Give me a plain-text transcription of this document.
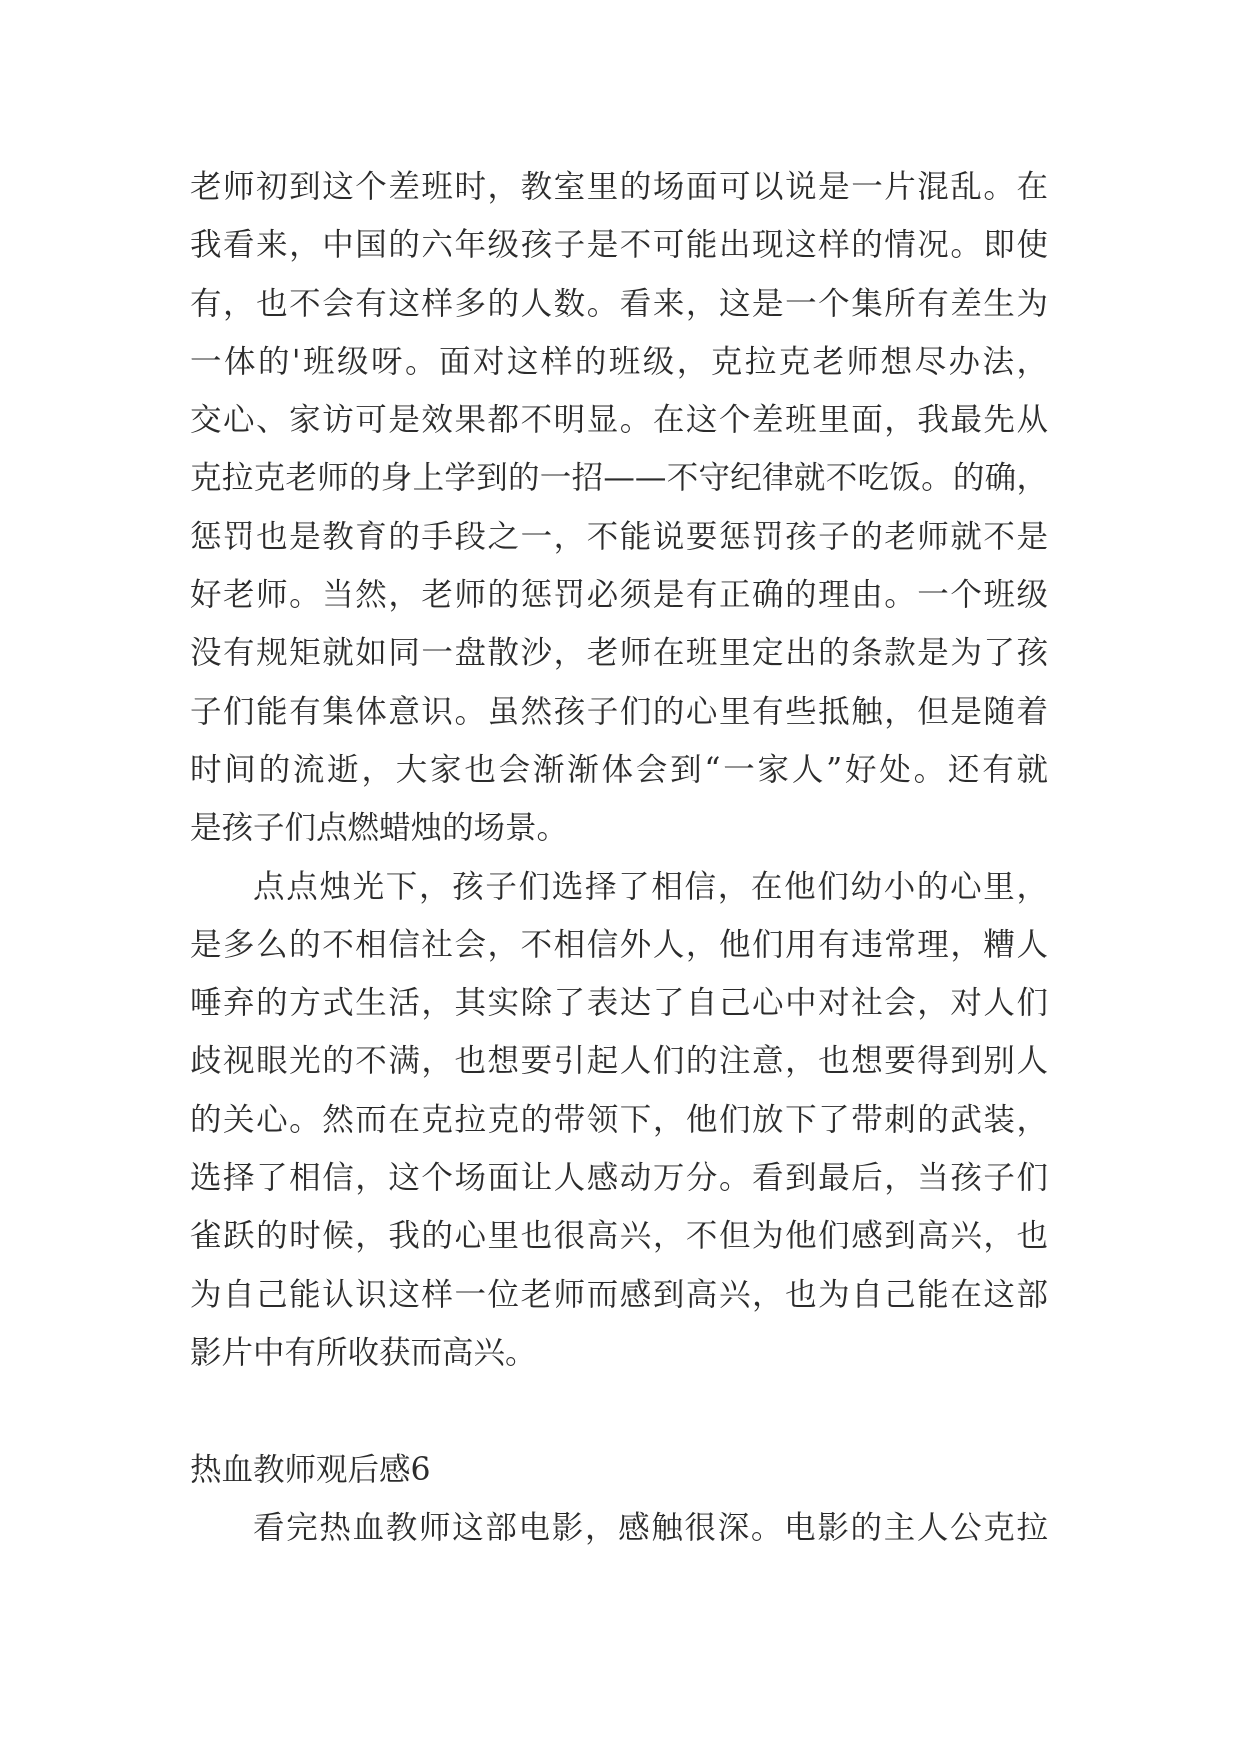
老师初到这个差班时，教室里的场面可以说是一片混乱。在
我看来，中国的六年级孩子是不可能出现这样的情况。即使
有，也不会有这样多的人数。看来，这是一个集所有差生为
一体的'班级呀。面对这样的班级，克拉克老师想尽办法，
交心、家访可是效果都不明显。在这个差班里面，我最先从
克拉克老师的身上学到的一招——不守纪律就不吃饭。的确，
惩罚也是教育的手段之一，不能说要惩罚孩子的老师就不是
好老师。当然，老师的惩罚必须是有正确的理由。一个班级
没有规矩就如同一盘散沙，老师在班里定出的条款是为了孩
子们能有集体意识。虽然孩子们的心里有些抵触，但是随着
时间的流逝，大家也会渐渐体会到“一家人”好处。还有就
是孩子们点燃蜡烛的场景。
点点烛光下，孩子们选择了相信，在他们幼小的心里，
是多么的不相信社会，不相信外人，他们用有违常理，糟人
唾弃的方式生活，其实除了表达了自己心中对社会，对人们
歧视眼光的不满，也想要引起人们的注意，也想要得到别人
的关心。然而在克拉克的带领下，他们放下了带刺的武装，
选择了相信，这个场面让人感动万分。看到最后，当孩子们
雀跃的时候，我的心里也很高兴，不但为他们感到高兴，也
为自己能认识这样一位老师而感到高兴，也为自己能在这部
影片中有所收获而高兴。
热血教师观后感6
看完热血教师这部电影，感触很深。电影的主人公克拉
